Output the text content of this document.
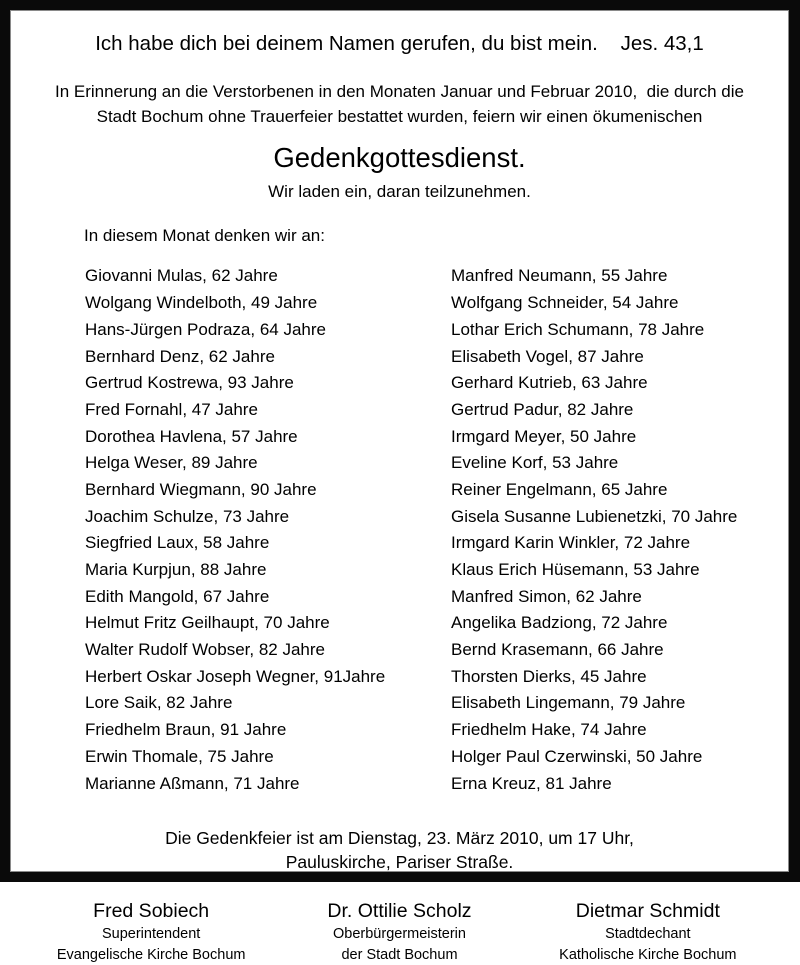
Ich habe dich bei deinem Namen gerufen, du bist mein.    Jes. 43,1
In Erinnerung an die Verstorbenen in den Monaten Januar und Februar 2010,  die durch die
Stadt Bochum ohne Trauerfeier bestattet wurden, feiern wir einen ökumenischen
Gedenkgottesdienst.
Wir laden ein, daran teilzunehmen.
In diesem Monat denken wir an:
Giovanni Mulas, 62 Jahre
Wolgang Windelboth, 49 Jahre
Hans-Jürgen Podraza, 64 Jahre
Bernhard Denz, 62 Jahre
Gertrud Kostrewa, 93 Jahre
Fred Fornahl, 47 Jahre
Dorothea Havlena, 57 Jahre
Helga Weser, 89 Jahre
Bernhard Wiegmann, 90 Jahre
Joachim Schulze, 73 Jahre
Siegfried Laux, 58 Jahre
Maria Kurpjun, 88 Jahre
Edith Mangold, 67 Jahre
Helmut Fritz Geilhaupt, 70 Jahre
Walter Rudolf Wobser, 82 Jahre
Herbert Oskar Joseph Wegner, 91Jahre
Lore Saik, 82 Jahre
Friedhelm Braun, 91 Jahre
Erwin Thomale, 75 Jahre
Marianne Aßmann, 71 Jahre
Manfred Neumann, 55 Jahre
Wolfgang Schneider, 54 Jahre
Lothar Erich Schumann, 78 Jahre
Elisabeth Vogel, 87 Jahre
Gerhard Kutrieb, 63 Jahre
Gertrud Padur, 82 Jahre
Irmgard Meyer, 50 Jahre
Eveline Korf, 53 Jahre
Reiner Engelmann, 65 Jahre
Gisela Susanne Lubienetzki, 70 Jahre
Irmgard Karin Winkler, 72 Jahre
Klaus Erich Hüsemann, 53 Jahre
Manfred Simon, 62 Jahre
Angelika Badziong, 72 Jahre
Bernd Krasemann, 66 Jahre
Thorsten Dierks, 45 Jahre
Elisabeth Lingemann, 79 Jahre
Friedhelm Hake, 74 Jahre
Holger Paul Czerwinski, 50 Jahre
Erna Kreuz, 81 Jahre
Die Gedenkfeier ist am Dienstag, 23. März 2010, um 17 Uhr,
Pauluskirche, Pariser Straße.
Fred Sobiech
Superintendent
Evangelische Kirche Bochum
Dr. Ottilie Scholz
Oberbürgermeisterin
der Stadt Bochum
Dietmar Schmidt
Stadtdechant
Katholische Kirche Bochum
